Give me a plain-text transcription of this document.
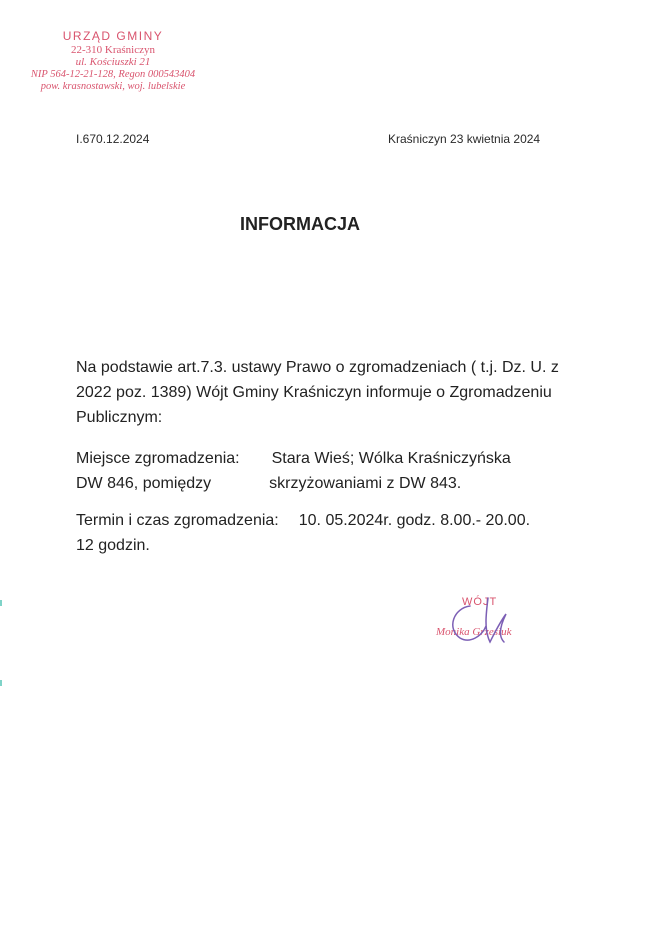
URZĄD GMINY
22-310 Kraśniczyn
ul. Kościuszki 21
NIP 564-12-21-128, Regon 000543404
pow. krasnostawski, woj. lubelskie
I.670.12.2024	Kraśniczyn 23 kwietnia 2024
INFORMACJA
Na podstawie art.7.3. ustawy Prawo o zgromadzeniach ( t.j. Dz. U. z 2022 poz. 1389) Wójt Gminy Kraśniczyn informuje o Zgromadzeniu Publicznym:
Miejsce zgromadzenia: Stara Wieś; Wólka Kraśniczyńska
DW 846, pomiędzy	skrzyżowaniami z DW 843.
Termin i czas zgromadzenia: 10. 05.2024r. godz. 8.00.- 20.00.
12 godzin.
WÓJT
Monika Grzesiuk
